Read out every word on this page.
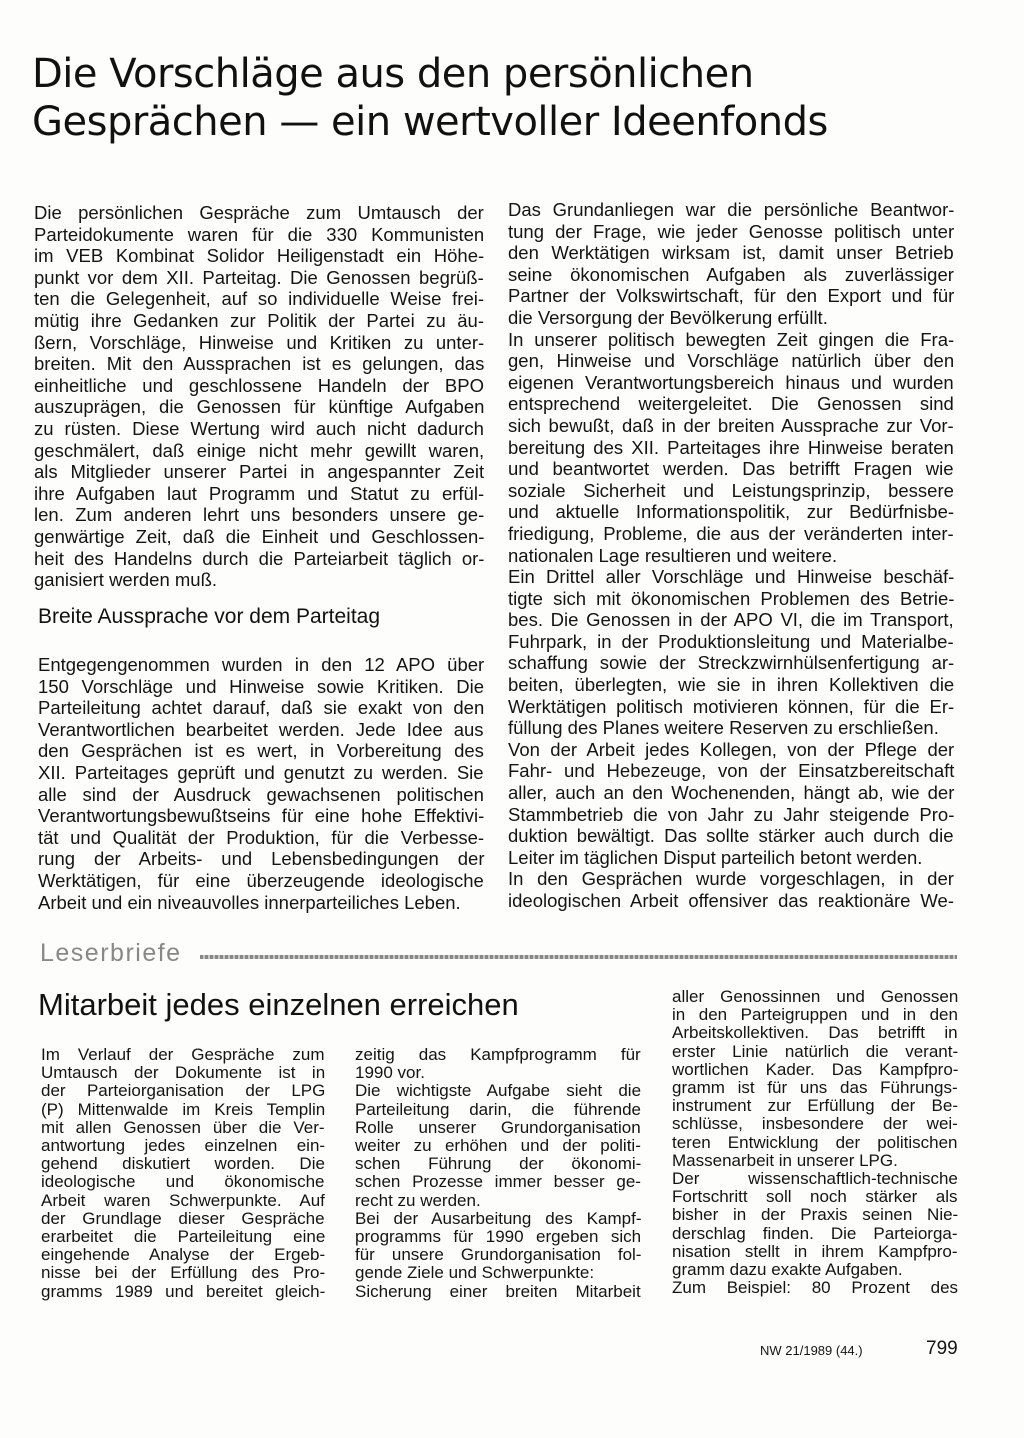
Die Vorschläge aus den persönlichen
Gesprächen — ein wertvoller Ideenfonds
Die persönlichen Gespräche zum Umtausch der
Parteidokumente waren für die 330 Kommunisten
im VEB Kombinat Solidor Heiligenstadt ein Höhe-
punkt vor dem XII. Parteitag. Die Genossen begrüß-
ten die Gelegenheit, auf so individuelle Weise frei-
mütig ihre Gedanken zur Politik der Partei zu äu-
ßern, Vorschläge, Hinweise und Kritiken zu unter-
breiten. Mit den Aussprachen ist es gelungen, das
einheitliche und geschlossene Handeln der BPO
auszuprägen, die Genossen für künftige Aufgaben
zu rüsten. Diese Wertung wird auch nicht dadurch
geschmälert, daß einige nicht mehr gewillt waren,
als Mitglieder unserer Partei in angespannter Zeit
ihre Aufgaben laut Programm und Statut zu erfül-
len. Zum anderen lehrt uns besonders unsere ge-
genwärtige Zeit, daß die Einheit und Geschlossen-
heit des Handelns durch die Parteiarbeit täglich or-
ganisiert werden muß.
Breite Aussprache vor dem Parteitag
Entgegengenommen wurden in den 12 APO über
150 Vorschläge und Hinweise sowie Kritiken. Die
Parteileitung achtet darauf, daß sie exakt von den
Verantwortlichen bearbeitet werden. Jede Idee aus
den Gesprächen ist es wert, in Vorbereitung des
XII. Parteitages geprüft und genutzt zu werden. Sie
alle sind der Ausdruck gewachsenen politischen
Verantwortungsbewußtseins für eine hohe Effektivi-
tät und Qualität der Produktion, für die Verbesse-
rung der Arbeits- und Lebensbedingungen der
Werktätigen, für eine überzeugende ideologische
Arbeit und ein niveauvolles innerparteiliches Leben.
Das Grundanliegen war die persönliche Beantwor-
tung der Frage, wie jeder Genosse politisch unter
den Werktätigen wirksam ist, damit unser Betrieb
seine ökonomischen Aufgaben als zuverlässiger
Partner der Volkswirtschaft, für den Export und für
die Versorgung der Bevölkerung erfüllt.
In unserer politisch bewegten Zeit gingen die Fra-
gen, Hinweise und Vorschläge natürlich über den
eigenen Verantwortungsbereich hinaus und wurden
entsprechend weitergeleitet. Die Genossen sind
sich bewußt, daß in der breiten Aussprache zur Vor-
bereitung des XII. Parteitages ihre Hinweise beraten
und beantwortet werden. Das betrifft Fragen wie
soziale Sicherheit und Leistungsprinzip, bessere
und aktuelle Informationspolitik, zur Bedürfnisbe-
friedigung, Probleme, die aus der veränderten inter-
nationalen Lage resultieren und weitere.
Ein Drittel aller Vorschläge und Hinweise beschäf-
tigte sich mit ökonomischen Problemen des Betrie-
bes. Die Genossen in der APO VI, die im Transport,
Fuhrpark, in der Produktionsleitung und Materialbe-
schaffung sowie der Streckzwirnhülsenfertigung ar-
beiten, überlegten, wie sie in ihren Kollektiven die
Werktätigen politisch motivieren können, für die Er-
füllung des Planes weitere Reserven zu erschließen.
Von der Arbeit jedes Kollegen, von der Pflege der
Fahr- und Hebezeuge, von der Einsatzbereitschaft
aller, auch an den Wochenenden, hängt ab, wie der
Stammbetrieb die von Jahr zu Jahr steigende Pro-
duktion bewältigt. Das sollte stärker auch durch die
Leiter im täglichen Disput parteilich betont werden.
In den Gesprächen wurde vorgeschlagen, in der
ideologischen Arbeit offensiver das reaktionäre We-
Leserbriefe
Mitarbeit jedes einzelnen erreichen
Im Verlauf der Gespräche zum
Umtausch der Dokumente ist in
der Parteiorganisation der LPG
(P) Mittenwalde im Kreis Templin
mit allen Genossen über die Ver-
antwortung jedes einzelnen ein-
gehend diskutiert worden. Die
ideologische und ökonomische
Arbeit waren Schwerpunkte. Auf
der Grundlage dieser Gespräche
erarbeitet die Parteileitung eine
eingehende Analyse der Ergeb-
nisse bei der Erfüllung des Pro-
gramms 1989 und bereitet gleich-
zeitig das Kampfprogramm für
1990 vor.
Die wichtigste Aufgabe sieht die
Parteileitung darin, die führende
Rolle unserer Grundorganisation
weiter zu erhöhen und der politi-
schen Führung der ökonomi-
schen Prozesse immer besser ge-
recht zu werden.
Bei der Ausarbeitung des Kampf-
programms für 1990 ergeben sich
für unsere Grundorganisation fol-
gende Ziele und Schwerpunkte:
Sicherung einer breiten Mitarbeit
aller Genossinnen und Genossen
in den Parteigruppen und in den
Arbeitskollektiven. Das betrifft in
erster Linie natürlich die verant-
wortlichen Kader. Das Kampfpro-
gramm ist für uns das Führungs-
instrument zur Erfüllung der Be-
schlüsse, insbesondere der wei-
teren Entwicklung der politischen
Massenarbeit in unserer LPG.
Der wissenschaftlich-technische
Fortschritt soll noch stärker als
bisher in der Praxis seinen Nie-
derschlag finden. Die Parteiorga-
nisation stellt in ihrem Kampfpro-
gramm dazu exakte Aufgaben.
Zum Beispiel: 80 Prozent des
NW 21/1989 (44.)	799
